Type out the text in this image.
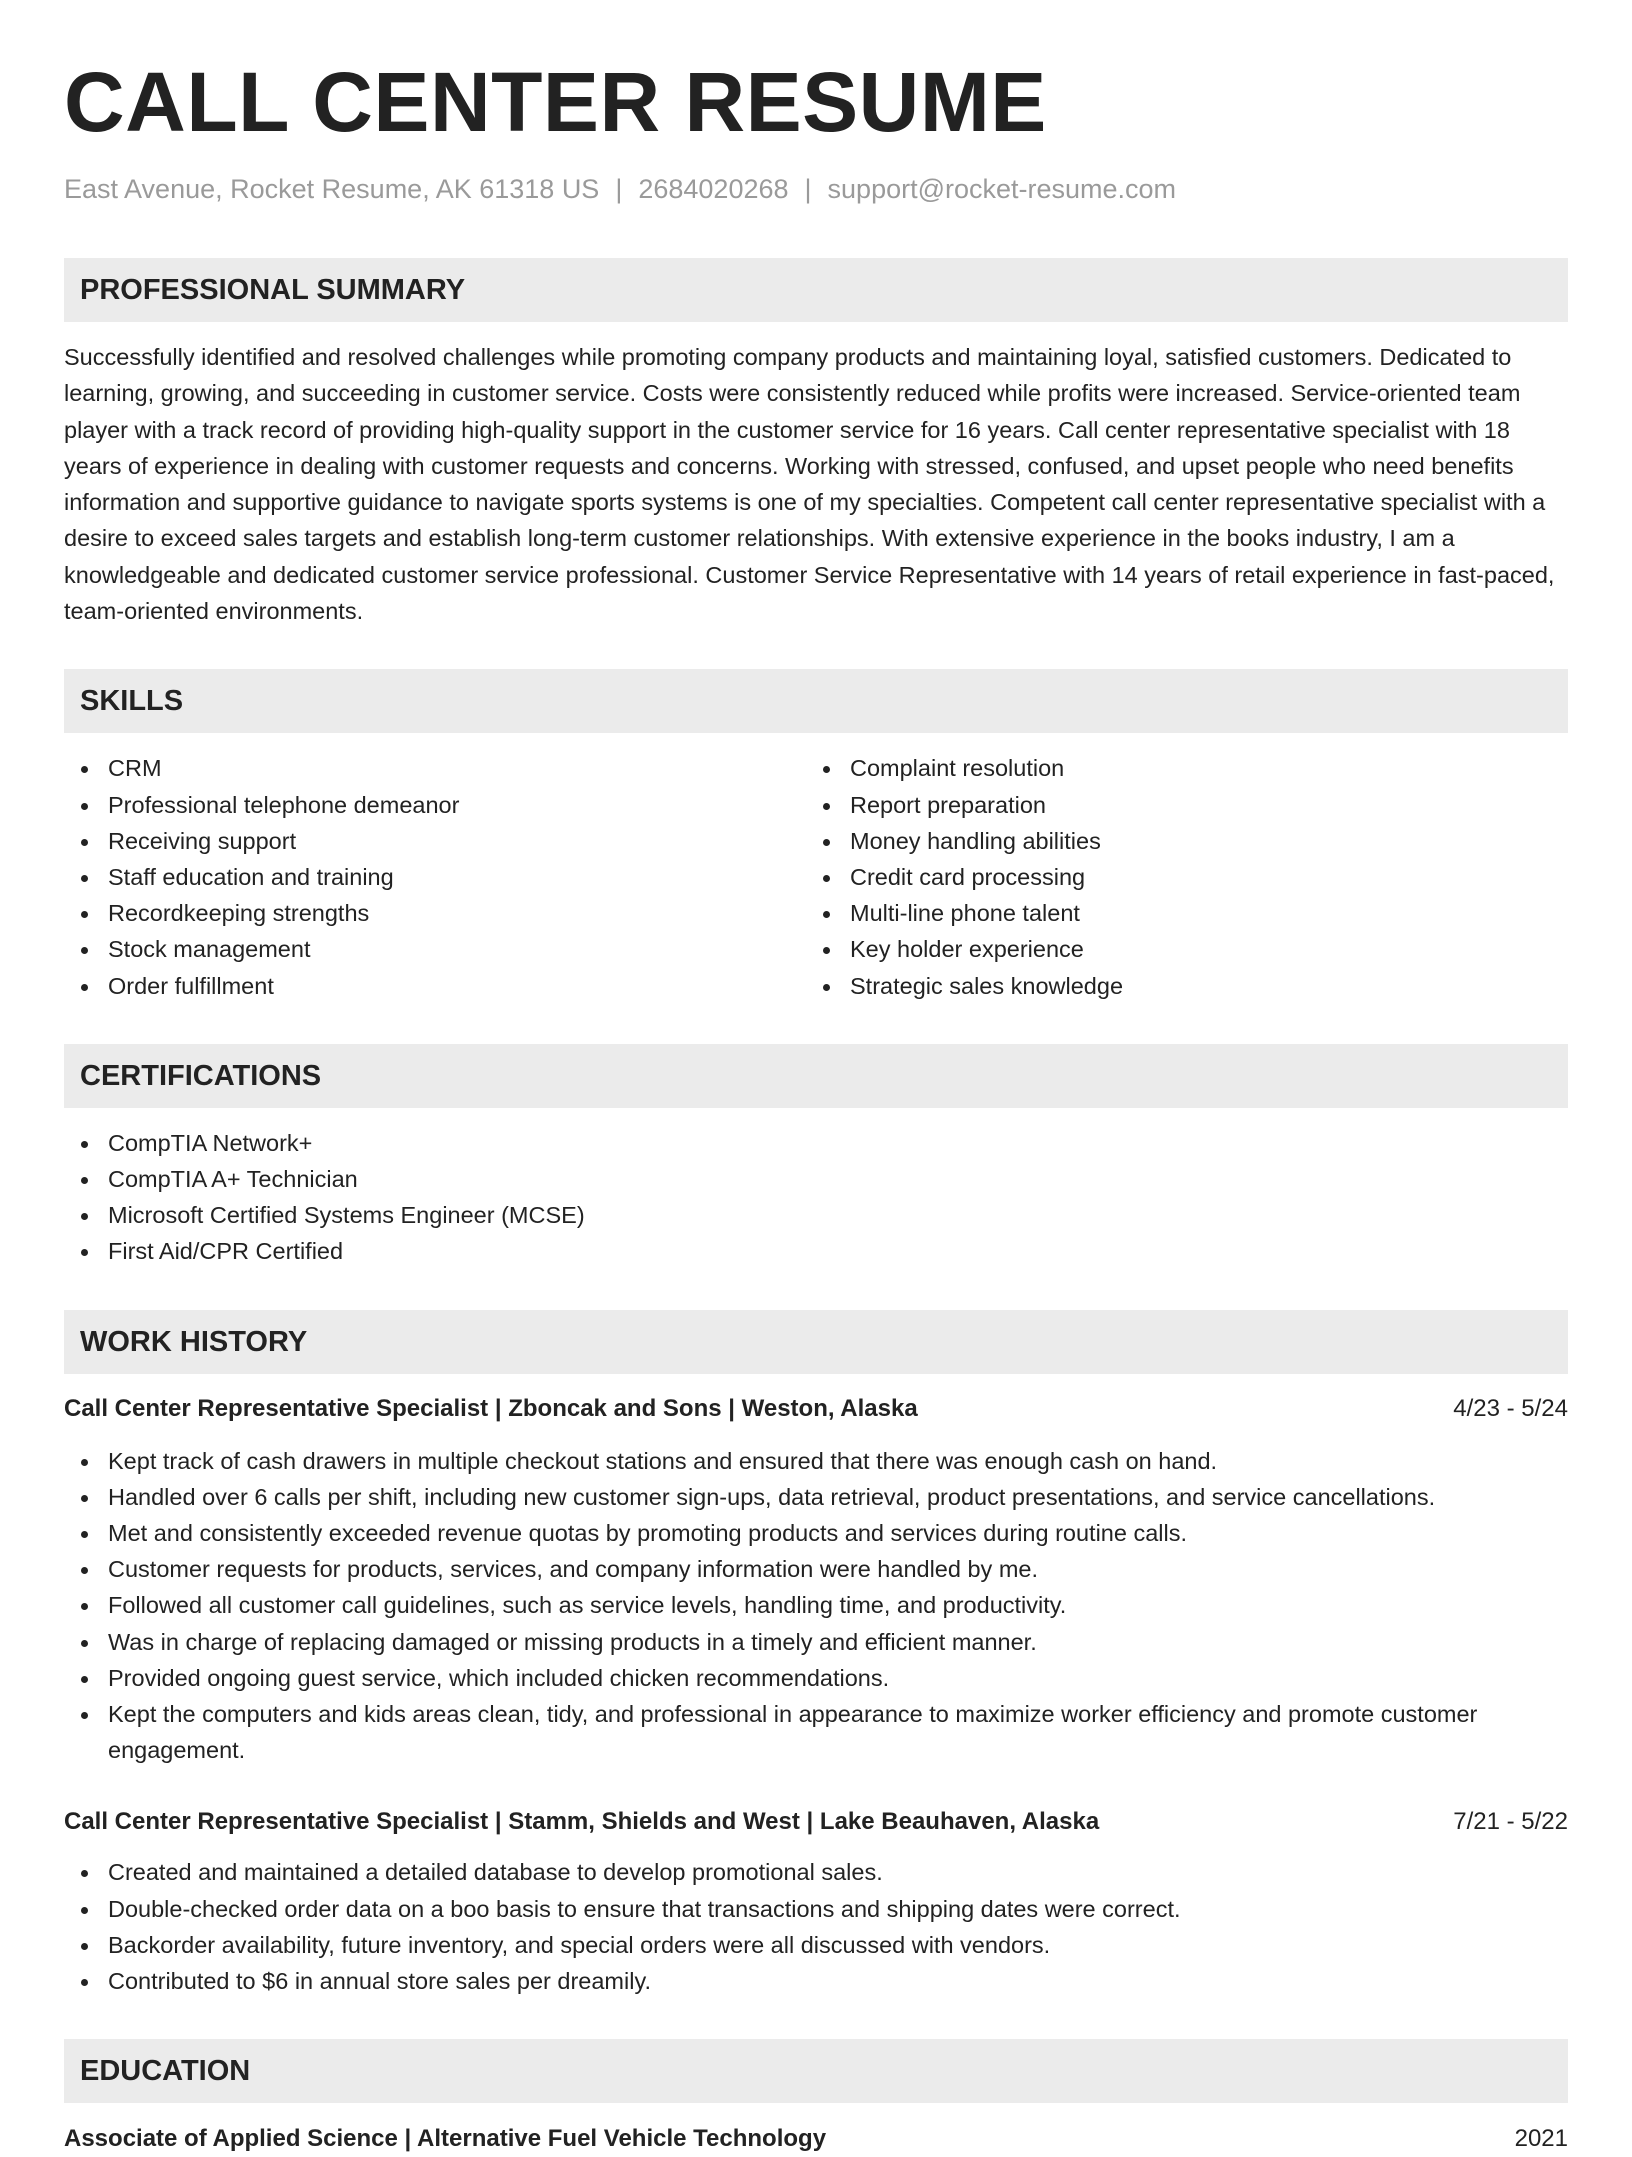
CALL CENTER RESUME
East Avenue, Rocket Resume, AK 61318 US | 2684020268 | support@rocket-resume.com
PROFESSIONAL SUMMARY

Successfully identified and resolved challenges while promoting company products and maintaining loyal, satisfied customers. Dedicated to learning, growing, and succeeding in customer service. Costs were consistently reduced while profits were increased. Service-oriented team player with a track record of providing high-quality support in the customer service for 16 years. Call center representative specialist with 18 years of experience in dealing with customer requests and concerns. Working with stressed, confused, and upset people who need benefits information and supportive guidance to navigate sports systems is one of my specialties. Competent call center representative specialist with a desire to exceed sales targets and establish long-term customer relationships. With extensive experience in the books industry, I am a knowledgeable and dedicated customer service professional. Customer Service Representative with 14 years of retail experience in fast-paced, team-oriented environments.

SKILLS
CRM
Professional telephone demeanor
Receiving support
Staff education and training
Recordkeeping strengths
Stock management
Order fulfillment
Complaint resolution
Report preparation
Money handling abilities
Credit card processing
Multi-line phone talent
Key holder experience
Strategic sales knowledge
CERTIFICATIONS
CompTIA Network+
CompTIA A+ Technician
Microsoft Certified Systems Engineer (MCSE)
First Aid/CPR Certified
WORK HISTORY
Call Center Representative Specialist | Zboncak and Sons | Weston, Alaska	4/23 - 5/24
Kept track of cash drawers in multiple checkout stations and ensured that there was enough cash on hand.
Handled over 6 calls per shift, including new customer sign-ups, data retrieval, product presentations, and service cancellations.
Met and consistently exceeded revenue quotas by promoting products and services during routine calls.
Customer requests for products, services, and company information were handled by me.
Followed all customer call guidelines, such as service levels, handling time, and productivity.
Was in charge of replacing damaged or missing products in a timely and efficient manner.
Provided ongoing guest service, which included chicken recommendations.
Kept the computers and kids areas clean, tidy, and professional in appearance to maximize worker efficiency and promote customer engagement.
Call Center Representative Specialist | Stamm, Shields and West | Lake Beauhaven, Alaska	7/21 - 5/22
Created and maintained a detailed database to develop promotional sales.
Double-checked order data on a boo basis to ensure that transactions and shipping dates were correct.
Backorder availability, future inventory, and special orders were all discussed with vendors.
Contributed to $6 in annual store sales per dreamily.
EDUCATION
Associate of Applied Science | Alternative Fuel Vehicle Technology	2021
